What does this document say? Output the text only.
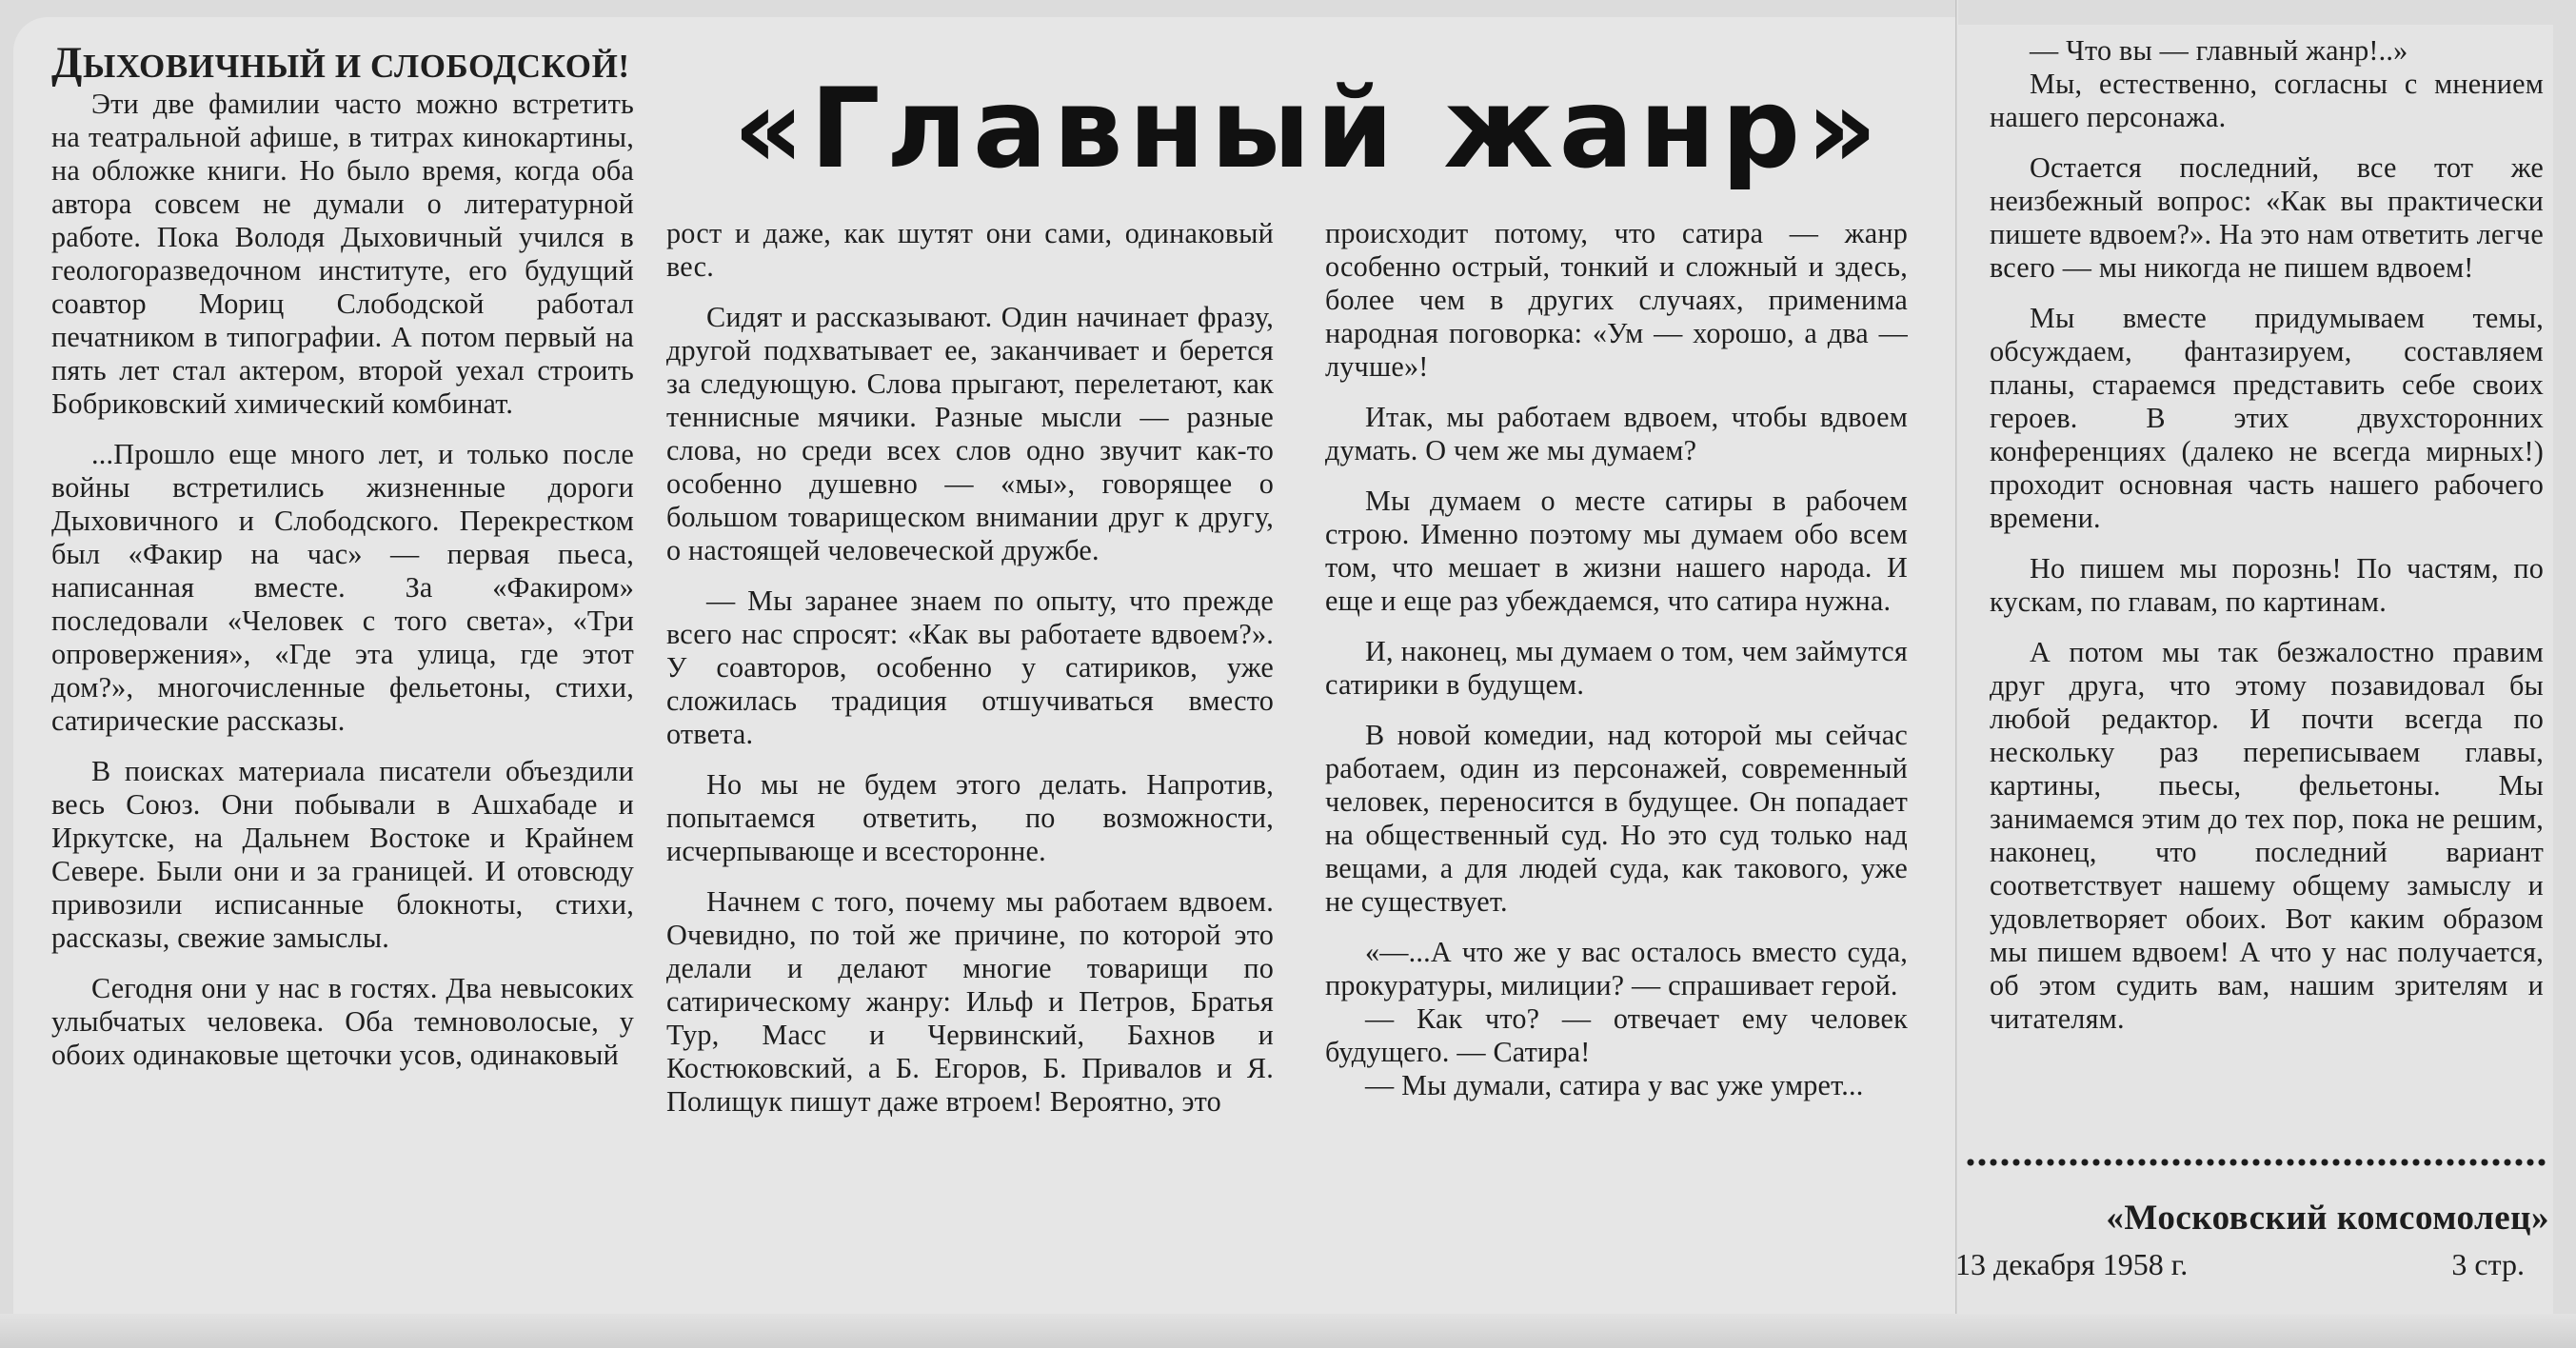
«Главный жанр»

ДЫХОВИЧНЫЙ И СЛОБОДСКОЙ!

Эти две фамилии часто можно встретить на театральной афише, в титрах кинокартины, на обложке книги. Но было время, когда оба автора совсем не думали о литературной работе. Пока Володя Дыховичный учился в геологоразведочном институте, его будущий соавтор Мориц Слободской работал печатником в типографии. А потом первый на пять лет стал актером, второй уехал строить Бобриковский химический комбинат.

...Прошло еще много лет, и только после войны встретились жизненные дороги Дыховичного и Слободского. Перекрестком был «Факир на час» — первая пьеса, написанная вместе. За «Факиром» последовали «Человек с того света», «Три опровержения», «Где эта улица, где этот дом?», многочисленные фельетоны, стихи, сатирические рассказы.

В поисках материала писатели объездили весь Союз. Они побывали в Ашхабаде и Иркутске, на Дальнем Востоке и Крайнем Севере. Были они и за границей. И отовсюду привозили исписанные блокноты, стихи, рассказы, свежие замыслы.

Сегодня они у нас в гостях. Два невысоких улыбчатых человека. Оба темноволосые, у обоих одинаковые щеточки усов, одинаковый

рост и даже, как шутят они сами, одинаковый вес.

Сидят и рассказывают. Один начинает фразу, другой подхватывает ее, заканчивает и берется за следующую. Слова прыгают, перелетают, как теннисные мячики. Разные мысли — разные слова, но среди всех слов одно звучит как-то особенно душевно — «мы», говорящее о большом товарищеском внимании друг к другу, о настоящей человеческой дружбе.

— Мы заранее знаем по опыту, что прежде всего нас спросят: «Как вы работаете вдвоем?». У соавторов, особенно у сатириков, уже сложилась традиция отшучиваться вместо ответа.

Но мы не будем этого делать. Напротив, попытаемся ответить, по возможности, исчерпывающе и всесторонне.

Начнем с того, почему мы работаем вдвоем. Очевидно, по той же причине, по которой это делали и делают многие товарищи по сатирическому жанру: Ильф и Петров, Братья Тур, Масс и Червинский, Бахнов и Костюковский, а Б. Егоров, Б. Привалов и Я. Полищук пишут даже втроем! Вероятно, это

происходит потому, что сатира — жанр особенно острый, тонкий и сложный и здесь, более чем в других случаях, применима народная поговорка: «Ум — хорошо, а два — лучше»!

Итак, мы работаем вдвоем, чтобы вдвоем думать. О чем же мы думаем?

Мы думаем о месте сатиры в рабочем строю. Именно поэтому мы думаем обо всем том, что мешает в жизни нашего народа. И еще и еще раз убеждаемся, что сатира нужна.

И, наконец, мы думаем о том, чем займутся сатирики в будущем.

В новой комедии, над которой мы сейчас работаем, один из персонажей, современный человек, переносится в будущее. Он попадает на общественный суд. Но это суд только над вещами, а для людей суда, как такового, уже не существует.

«—...А что же у вас осталось вместо суда, прокуратуры, милиции? — спрашивает герой.

— Как что? — отвечает ему человек будущего. — Сатира!

— Мы думали, сатира у вас уже умрет...

— Что вы — главный жанр!..»

Мы, естественно, согласны с мнением нашего персонажа.

Остается последний, все тот же неизбежный вопрос: «Как вы практически пишете вдвоем?». На это нам ответить легче всего — мы никогда не пишем вдвоем!

Мы вместе придумываем темы, обсуждаем, фантазируем, составляем планы, стараемся представить себе своих героев. В этих двухсторонних конференциях (далеко не всегда мирных!) проходит основная часть нашего рабочего времени.

Но пишем мы порознь! По частям, по кускам, по главам, по картинам.

А потом мы так безжалостно правим друг друга, что этому позавидовал бы любой редактор. И почти всегда по нескольку раз переписываем главы, картины, пьесы, фельетоны. Мы занимаемся этим до тех пор, пока не решим, наконец, что последний вариант соответствует нашему общему замыслу и удовлетворяет обоих. Вот каким образом мы пишем вдвоем! А что у нас получается, об этом судить вам, нашим зрителям и читателям.

«Московский комсомолец»
13 декабря 1958 г.	3 стр.
